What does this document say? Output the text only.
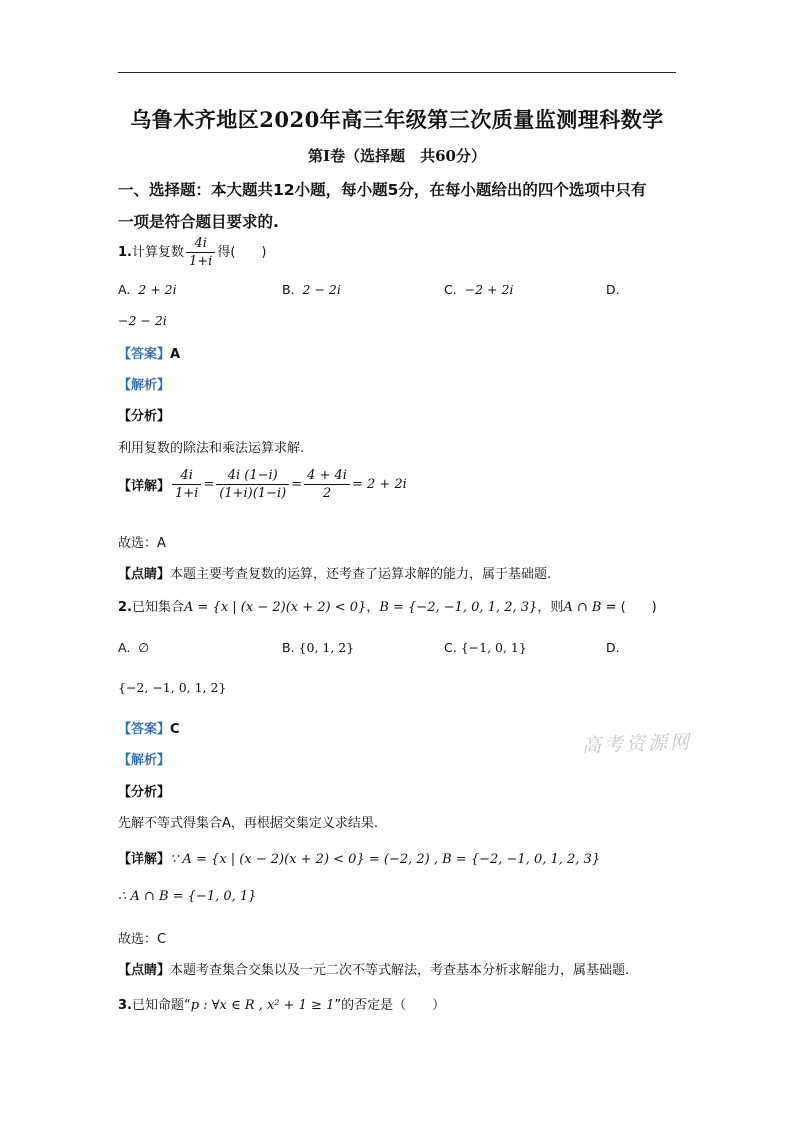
乌鲁木齐地区2020年高三年级第三次质量监测理科数学
第Ⅰ卷（选择题　共60分）
一、选择题：本大题共12小题，每小题5分，在每小题给出的四个选项中只有
一项是符合题目要求的.
1.计算复数 $\frac{4i}{1+i}$ 得(　　)
A. 2 + 2i	B. 2 − 2i	C. −2 + 2i	D.
−2 − 2i
【答案】A
【解析】
【分析】
利用复数的除法和乘法运算求解.
【详解】 $\frac{4i}{1+i} = \frac{4i (1-i)}{(1+i)(1-i)} = \frac{4 + 4i}{2} = 2 + 2i$
故选：A
【点睛】本题主要考查复数的运算，还考查了运算求解的能力，属于基础题.
2.已知集合A = {x | (x − 2)(x + 2) < 0}，B = {−2, −1, 0, 1, 2, 3}，则A ∩ B = (　　)
A. ∅	B. {0, 1, 2}	C. {−1, 0, 1}	D.
{−2, −1, 0, 1, 2}
【答案】C
【解析】
【分析】
先解不等式得集合A，再根据交集定义求结果.
【详解】∵ A = {x | (x − 2)(x + 2) < 0} = (−2, 2) , B = {−2, −1, 0, 1, 2, 3}
∴ A ∩ B = {−1, 0, 1}
故选：C
【点睛】本题考查集合交集以及一元二次不等式解法，考查基本分析求解能力，属基础题.
3.已知命题“p : ∀x ∈ R , x² + 1 ≥ 1”的否定是（　　）
高考资源网
